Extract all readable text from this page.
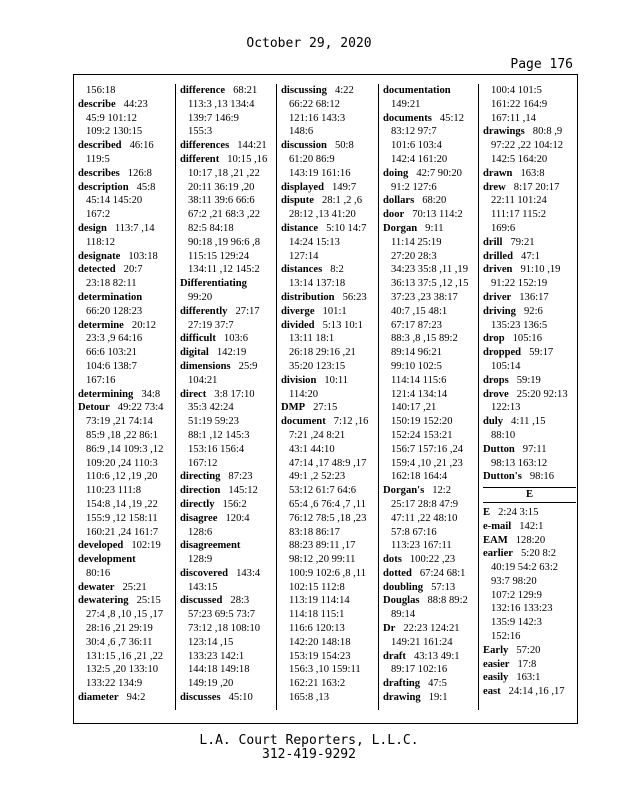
October 29, 2020
Page 176
156:18
describe 44:23
45:9 101:12
109:2 130:15
described 46:16
119:5
describes 126:8
description 45:8
45:14 145:20
167:2
design 113:7 ,14
118:12
designate 103:18
detected 20:7
23:18 82:11
determination
66:20 128:23
determine 20:12
23:3 ,9 64:16
66:6 103:21
104:6 138:7
167:16
determining 34:8
Detour 49:22 73:4
73:19 ,21 74:14
85:9 ,18 ,22 86:1
86:9 ,14 109:3 ,12
109:20 ,24 110:3
110:6 ,12 ,19 ,20
110:23 111:8
154:8 ,14 ,19 ,22
155:9 ,12 158:11
160:21 ,24 161:7
developed 102:19
development
80:16
dewater 25:21
dewatering 25:15
27:4 ,8 ,10 ,15 ,17
28:16 ,21 29:19
30:4 ,6 ,7 36:11
131:15 ,16 ,21 ,22
132:5 ,20 133:10
133:22 134:9
diameter 94:2
difference 68:21
113:3 ,13 134:4
139:7 146:9
155:3
differences 144:21
different 10:15 ,16
10:17 ,18 ,21 ,22
20:11 36:19 ,20
38:11 39:6 66:6
67:2 ,21 68:3 ,22
82:5 84:18
90:18 ,19 96:6 ,8
115:15 129:24
134:11 ,12 145:2
Differentiating
99:20
differently 27:17
27:19 37:7
difficult 103:6
digital 142:19
dimensions 25:9
104:21
direct 3:8 17:10
35:3 42:24
51:19 59:23
88:1 ,12 145:3
153:16 156:4
167:12
directing 87:23
direction 145:12
directly 156:2
disagree 120:4
128:6
disagreement
128:9
discovered 143:4
143:15
discussed 28:3
57:23 69:5 73:7
73:12 ,18 108:10
123:14 ,15
133:23 142:1
144:18 149:18
149:19 ,20
discusses 45:10
discussing 4:22
66:22 68:12
121:16 143:3
148:6
discussion 50:8
61:20 86:9
143:19 161:16
displayed 149:7
dispute 28:1 ,2 ,6
28:12 ,13 41:20
distance 5:10 14:7
14:24 15:13
127:14
distances 8:2
13:14 137:18
distribution 56:23
diverge 101:1
divided 5:13 10:1
13:11 18:1
26:18 29:16 ,21
35:20 123:15
division 10:11
114:20
DMP 27:15
document 7:12 ,16
7:21 ,24 8:21
43:1 44:10
47:14 ,17 48:9 ,17
49:1 ,2 52:23
53:12 61:7 64:6
65:4 ,6 76:4 ,7 ,11
76:12 78:5 ,18 ,23
83:18 86:17
88:23 89:11 ,17
98:12 ,20 99:11
100:9 102:6 ,8 ,11
102:15 112:8
113:19 114:14
114:18 115:1
116:6 120:13
142:20 148:18
153:19 154:23
156:3 ,10 159:11
162:21 163:2
165:8 ,13
documentation
149:21
documents 45:12
83:12 97:7
101:6 103:4
142:4 161:20
doing 42:7 90:20
91:2 127:6
dollars 68:20
door 70:13 114:2
Dorgan 9:11
11:14 25:19
27:20 28:3
34:23 35:8 ,11 ,19
36:13 37:5 ,12 ,15
37:23 ,23 38:17
40:7 ,15 48:1
67:17 87:23
88:3 ,8 ,15 89:2
89:14 96:21
99:10 102:5
114:14 115:6
121:4 134:14
140:17 ,21
150:19 152:20
152:24 153:21
156:7 157:16 ,24
159:4 ,10 ,21 ,23
162:18 164:4
Dorgan's 12:2
25:17 28:8 47:9
47:11 ,22 48:10
57:8 67:16
113:23 167:11
dots 100:22 ,23
dotted 67:24 68:1
doubling 57:13
Douglas 88:8 89:2
89:14
Dr 22:23 124:21
149:21 161:24
draft 43:13 49:1
89:17 102:16
drafting 47:5
drawing 19:1
100:4 101:5
161:22 164:9
167:11 ,14
drawings 80:8 ,9
97:22 ,22 104:12
142:5 164:20
drawn 163:8
drew 8:17 20:17
22:11 101:24
111:17 115:2
169:6
drill 79:21
drilled 47:1
driven 91:10 ,19
91:22 152:19
driver 136:17
driving 92:6
135:23 136:5
drop 105:16
dropped 59:17
105:14
drops 59:19
drove 25:20 92:13
122:13
duly 4:11 ,15
88:10
Dutton 97:11
98:13 163:12
Dutton's 98:16
E
E 2:24 3:15
e-mail 142:1
EAM 128:20
earlier 5:20 8:2
40:19 54:2 63:2
93:7 98:20
107:2 129:9
132:16 133:23
135:9 142:3
152:16
Early 57:20
easier 17:8
easily 163:1
east 24:14 ,16 ,17
L.A. Court Reporters, L.L.C.
312-419-9292
